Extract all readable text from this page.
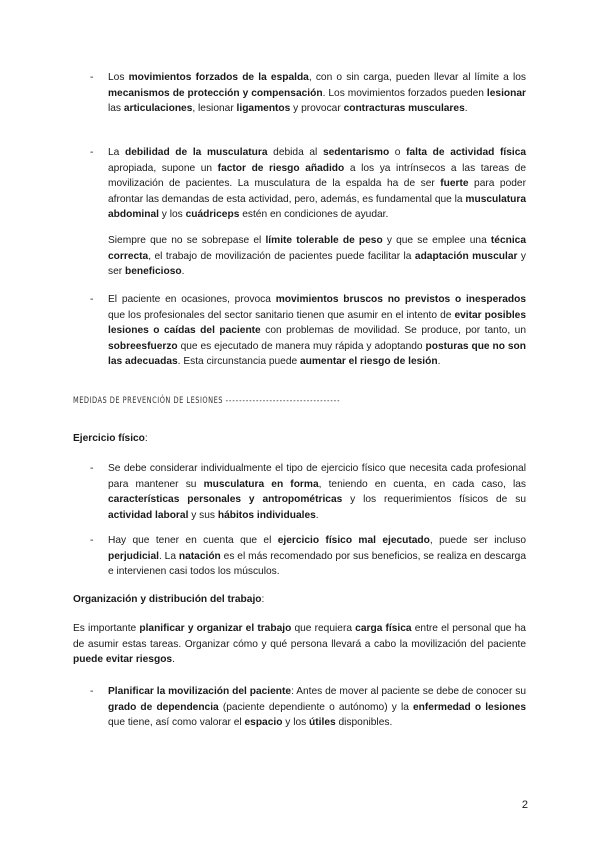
-	Los movimientos forzados de la espalda, con o sin carga, pueden llevar al límite a los mecanismos de protección y compensación. Los movimientos forzados pueden lesionar las articulaciones, lesionar ligamentos y provocar contracturas musculares.

-	La debilidad de la musculatura debida al sedentarismo o falta de actividad física apropiada, supone un factor de riesgo añadido a los ya intrínsecos a las tareas de movilización de pacientes. La musculatura de la espalda ha de ser fuerte para poder afrontar las demandas de esta actividad, pero, además, es fundamental que la musculatura abdominal y los cuádriceps estén en condiciones de ayudar.

Siempre que no se sobrepase el límite tolerable de peso y que se emplee una técnica correcta, el trabajo de movilización de pacientes puede facilitar la adaptación muscular y ser beneficioso.

-	El paciente en ocasiones, provoca movimientos bruscos no previstos o inesperados que los profesionales del sector sanitario tienen que asumir en el intento de evitar posibles lesiones o caídas del paciente con problemas de movilidad. Se produce, por tanto, un sobreesfuerzo que es ejecutado de manera muy rápida y adoptando posturas que no son las adecuadas. Esta circunstancia puede aumentar el riesgo de lesión.

MEDIDAS DE PREVENCIÓN DE LESIONES ----------------------------------

Ejercicio físico:

-	Se debe considerar individualmente el tipo de ejercicio físico que necesita cada profesional para mantener su musculatura en forma, teniendo en cuenta, en cada caso, las características personales y antropométricas y los requerimientos físicos de su actividad laboral y sus hábitos individuales.

-	Hay que tener en cuenta que el ejercicio físico mal ejecutado, puede ser incluso perjudicial. La natación es el más recomendado por sus beneficios, se realiza en descarga e intervienen casi todos los músculos.

Organización y distribución del trabajo:

Es importante planificar y organizar el trabajo que requiera carga física entre el personal que ha de asumir estas tareas. Organizar cómo y qué persona llevará a cabo la movilización del paciente puede evitar riesgos.

-	Planificar la movilización del paciente: Antes de mover al paciente se debe de conocer su grado de dependencia (paciente dependiente o autónomo) y la enfermedad o lesiones que tiene, así como valorar el espacio y los útiles disponibles.

2
